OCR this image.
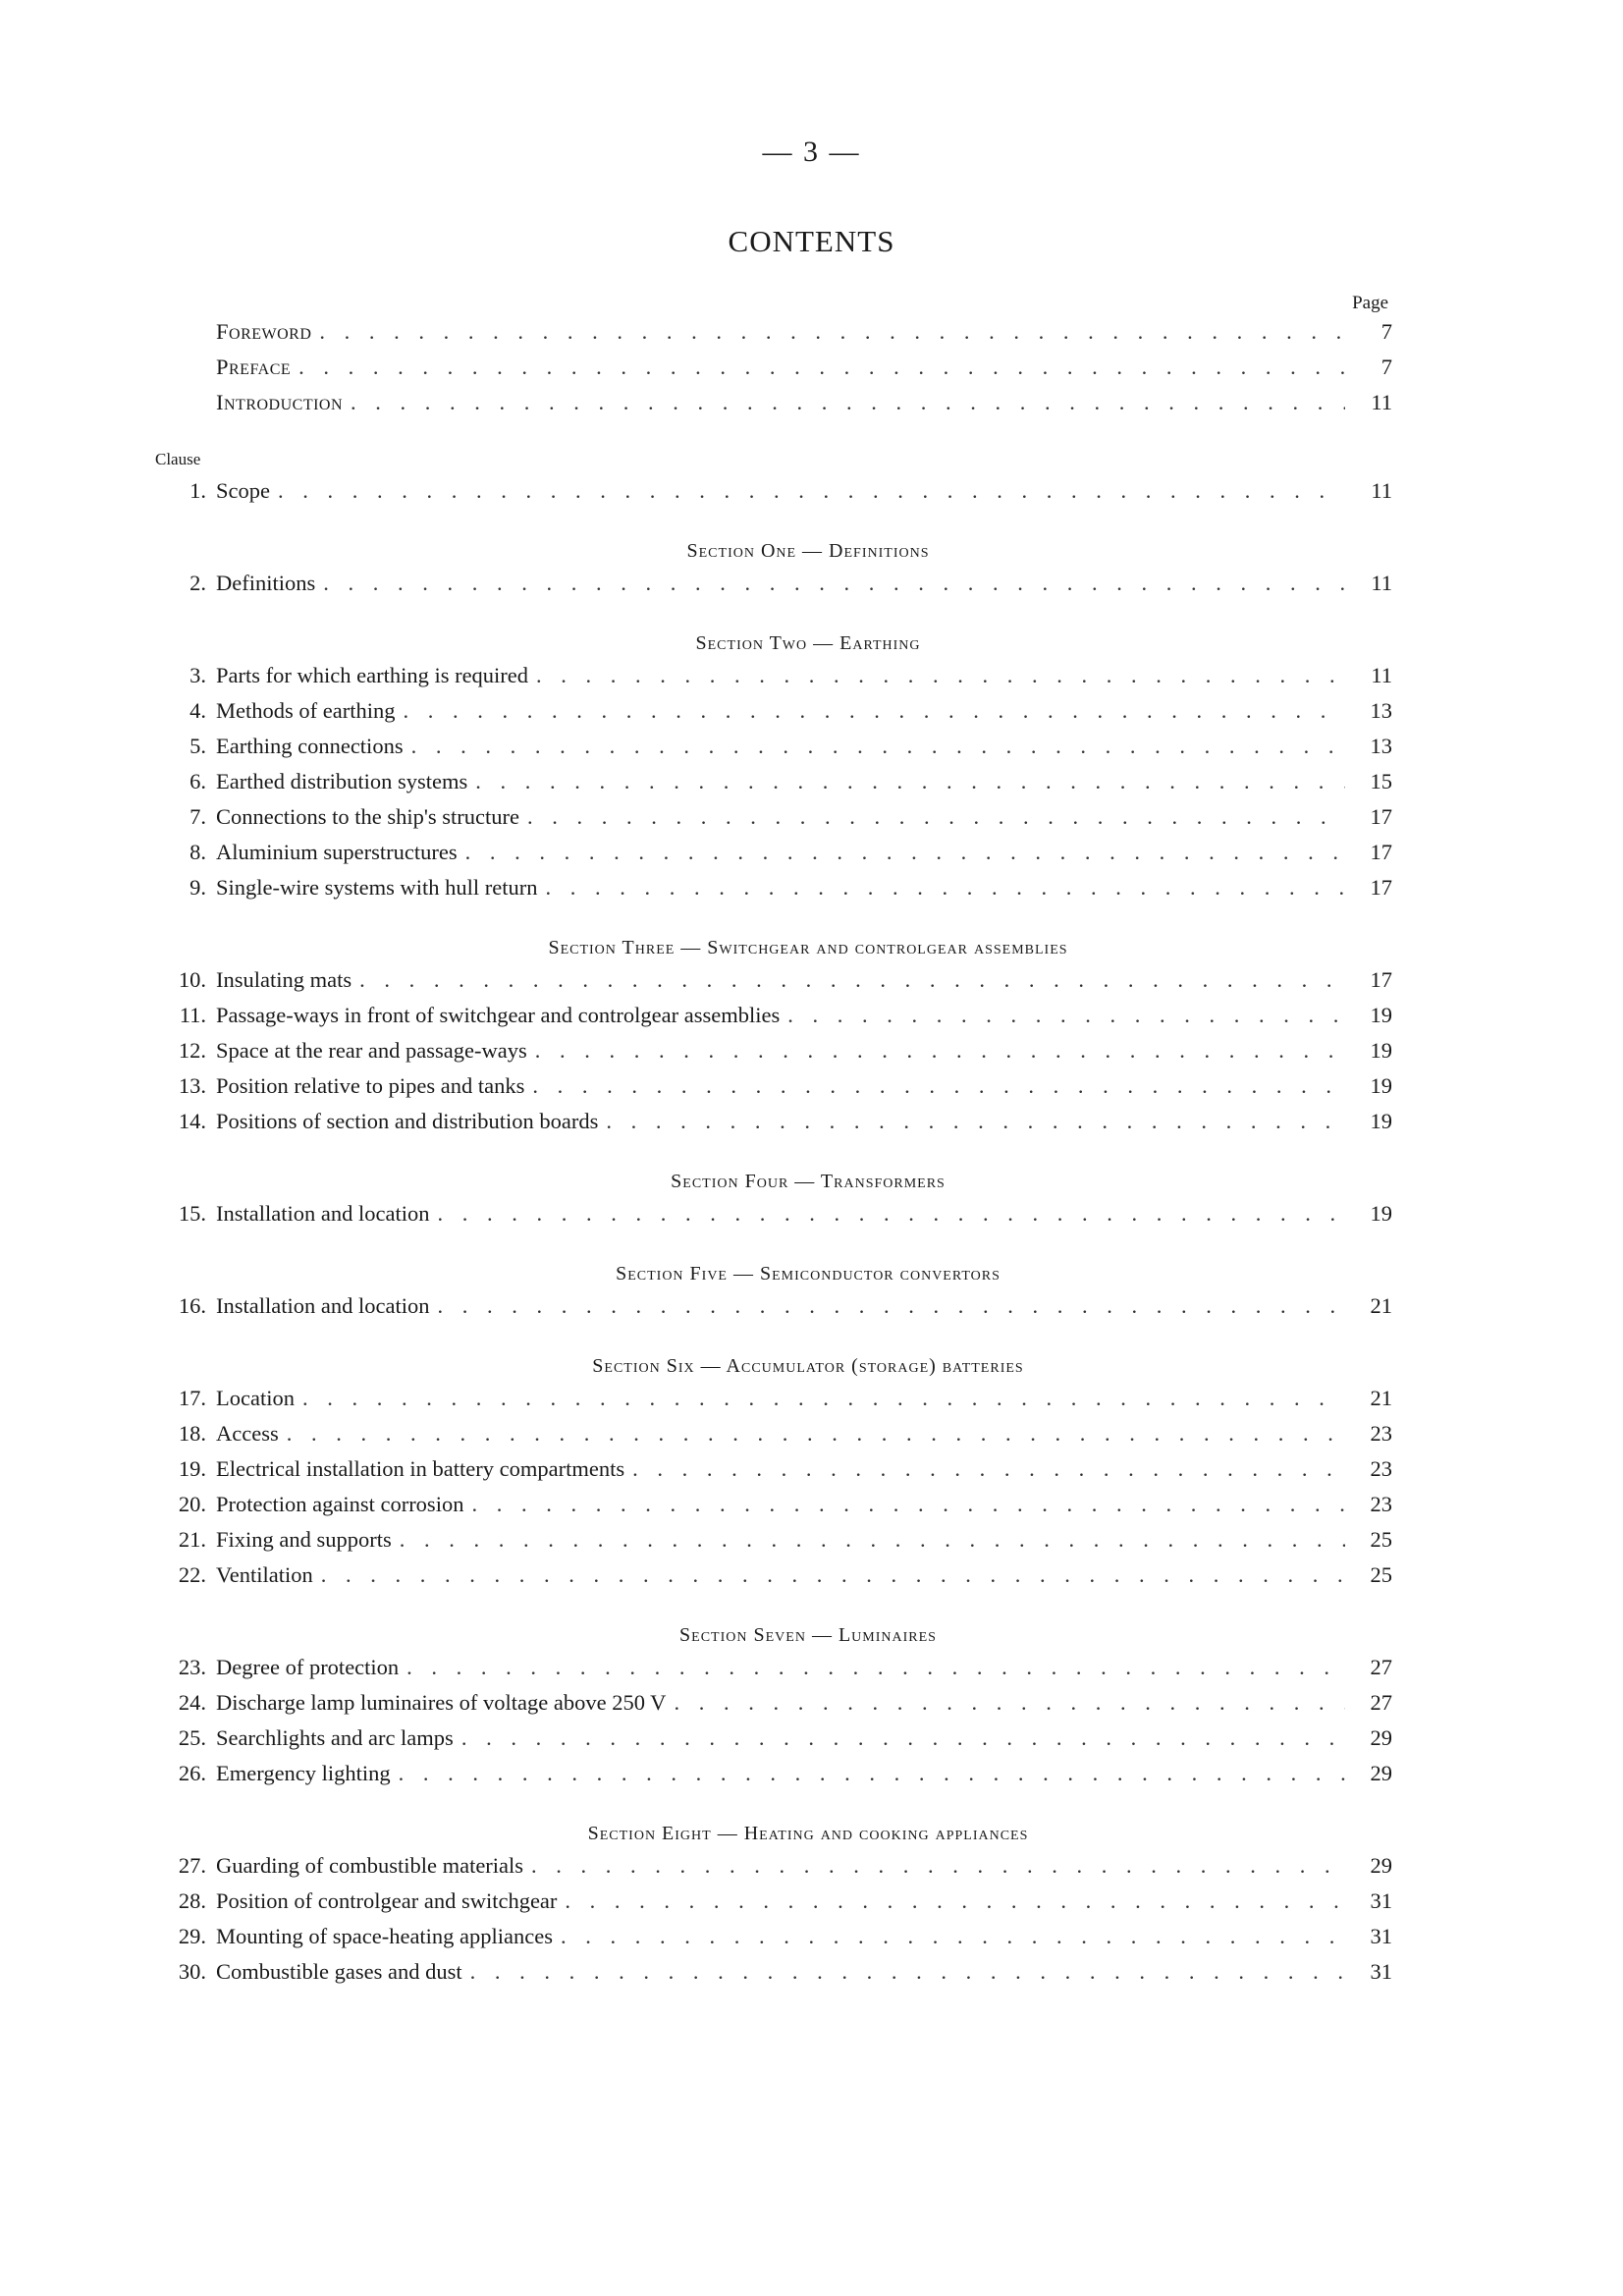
— 3 —
CONTENTS
Page
Foreword . . .	7
Preface . . .	7
Introduction . . .	11
Clause
1. Scope . . .	11
Section One — Definitions
2. Definitions . . .	11
Section Two — Earthing
3. Parts for which earthing is required . . .	11
4. Methods of earthing . . .	13
5. Earthing connections . . .	13
6. Earthed distribution systems . . .	15
7. Connections to the ship's structure . . .	17
8. Aluminium superstructures . . .	17
9. Single-wire systems with hull return . . .	17
Section Three — Switchgear and controlgear assemblies
10. Insulating mats . . .	17
11. Passage-ways in front of switchgear and controlgear assemblies . . .	19
12. Space at the rear and passage-ways . . .	19
13. Position relative to pipes and tanks . . .	19
14. Positions of section and distribution boards . . .	19
Section Four — Transformers
15. Installation and location . . .	19
Section Five — Semiconductor convertors
16. Installation and location . . .	21
Section Six — Accumulator (storage) batteries
17. Location . . .	21
18. Access . . .	23
19. Electrical installation in battery compartments . . .	23
20. Protection against corrosion . . .	23
21. Fixing and supports . . .	25
22. Ventilation . . .	25
Section Seven — Luminaires
23. Degree of protection . . .	27
24. Discharge lamp luminaires of voltage above 250 V . . .	27
25. Searchlights and arc lamps . . .	29
26. Emergency lighting . . .	29
Section Eight — Heating and cooking appliances
27. Guarding of combustible materials . . .	29
28. Position of controlgear and switchgear . . .	31
29. Mounting of space-heating appliances . . .	31
30. Combustible gases and dust . . .	31
